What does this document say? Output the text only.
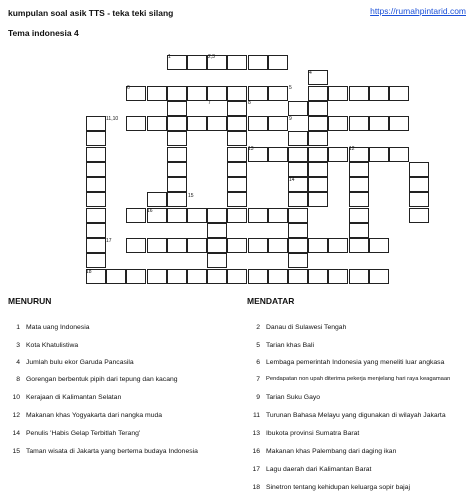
kumpulan soal asik TTS - teka teki silang
Tema indonesia 4
https://rumahpintarid.com
1	2,3
4
5
6
7	8
9
11,10
12
13
14
15
16
17
18
MENURUN	MENDATAR
1 Mata uang Indonesia
3 Kota Khatulistiwa
4 Jumlah bulu ekor Garuda Pancasila
8 Gorengan berbentuk pipih dari tepung dan kacang
10 Kerajaan di Kalimantan Selatan
12 Makanan khas Yogyakarta dari nangka muda
14 Penulis 'Habis Gelap Terbitlah Terang'
15 Taman wisata di Jakarta yang bertema budaya Indonesia
2 Danau di Sulawesi Tengah
5 Tarian khas Bali
6 Lembaga pemerintah Indonesia yang meneliti luar angkasa
7 Pendapatan non upah diterima pekerja menjelang hari raya keagamaan
9 Tarian Suku Gayo
11 Turunan Bahasa Melayu yang digunakan di wilayah Jakarta
13 Ibukota provinsi Sumatra Barat
16 Makanan khas Palembang dari daging ikan
17 Lagu daerah dari Kalimantan Barat
18 Sinetron tentang kehidupan keluarga sopir bajaj
